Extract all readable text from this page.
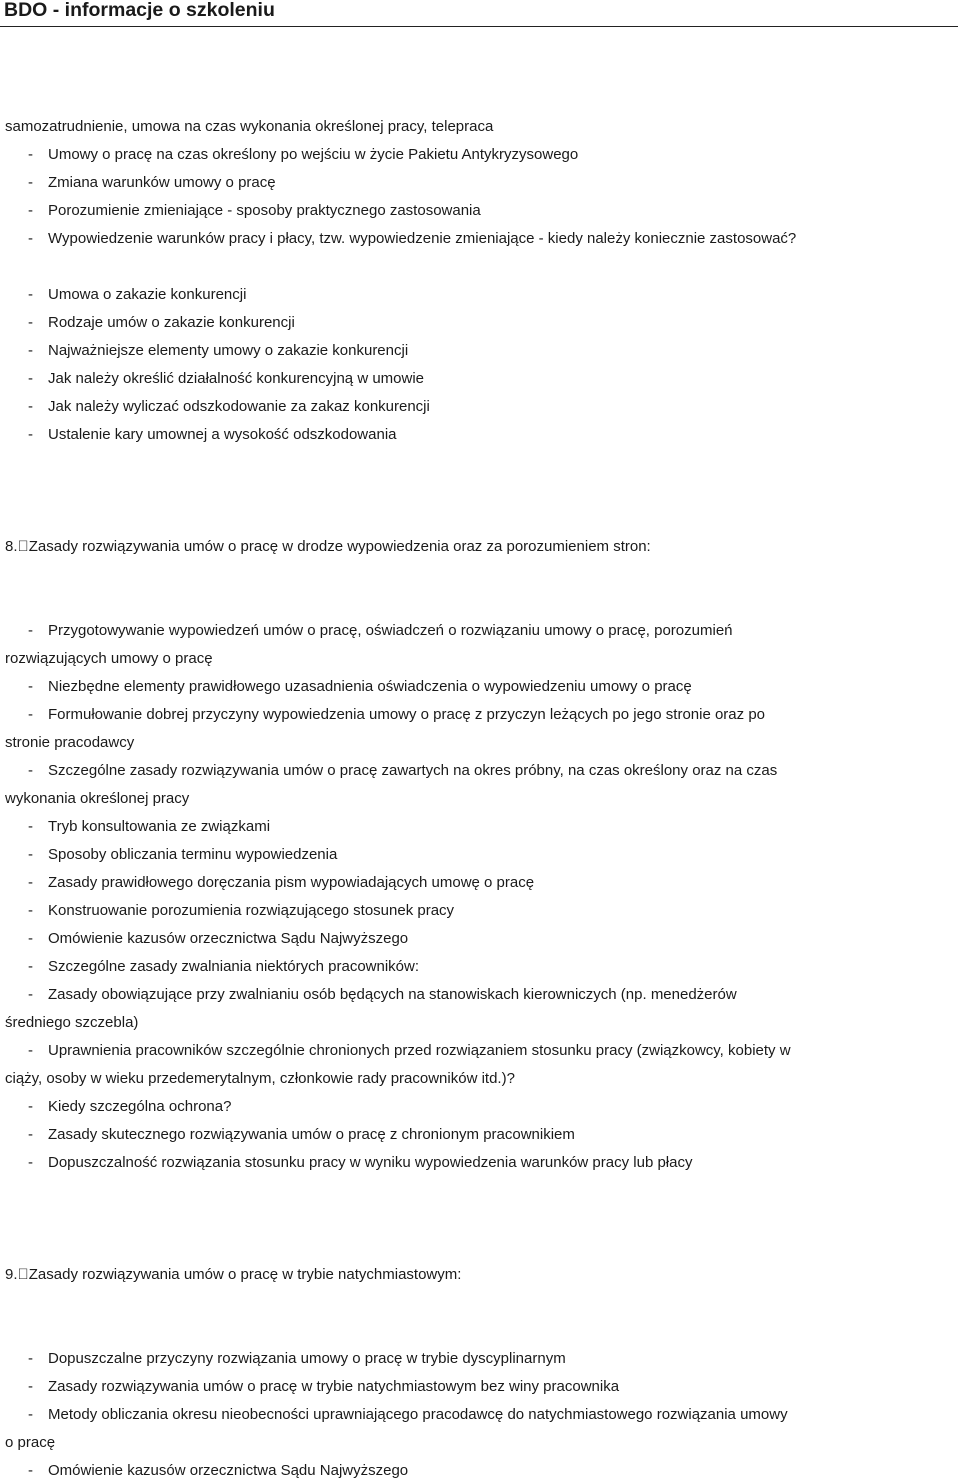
BDO - informacje o szkoleniu
samozatrudnienie, umowa na czas wykonania określonej pracy, telepraca
- Umowy o pracę na czas określony po wejściu w życie Pakietu Antykryzysowego
- Zmiana warunków umowy o pracę
- Porozumienie zmieniające - sposoby praktycznego zastosowania
- Wypowiedzenie warunków pracy i płacy, tzw. wypowiedzenie zmieniające - kiedy należy koniecznie zastosować?
- Umowa o zakazie konkurencji
- Rodzaje umów o zakazie konkurencji
- Najważniejsze elementy umowy o zakazie konkurencji
- Jak należy określić działalność konkurencyjną w umowie
- Jak należy wyliczać odszkodowanie za zakaz konkurencji
- Ustalenie kary umownej a wysokość odszkodowania
8. Zasady rozwiązywania umów o pracę w drodze wypowiedzenia oraz za porozumieniem stron:
- Przygotowywanie wypowiedzeń umów o pracę, oświadczeń o rozwiązaniu umowy o pracę, porozumień
rozwiązujących umowy o pracę
- Niezbędne elementy prawidłowego uzasadnienia oświadczenia o wypowiedzeniu umowy o pracę
- Formułowanie dobrej przyczyny wypowiedzenia umowy o pracę z przyczyn leżących po jego stronie oraz po
stronie pracodawcy
- Szczególne zasady rozwiązywania umów o pracę zawartych na okres próbny, na czas określony oraz na czas
wykonania określonej pracy
- Tryb konsultowania ze związkami
- Sposoby obliczania terminu wypowiedzenia
- Zasady prawidłowego doręczania pism wypowiadających umowę o pracę
- Konstruowanie porozumienia rozwiązującego stosunek pracy
- Omówienie kazusów orzecznictwa Sądu Najwyższego
- Szczególne zasady zwalniania niektórych pracowników:
- Zasady obowiązujące przy zwalnianiu osób będących na stanowiskach kierowniczych (np. menedżerów
średniego szczebla)
- Uprawnienia pracowników szczególnie chronionych przed rozwiązaniem stosunku pracy (związkowcy, kobiety w
ciąży, osoby w wieku przedemerytalnym, członkowie rady pracowników itd.)?
- Kiedy szczególna ochrona?
- Zasady skutecznego rozwiązywania umów o pracę z chronionym pracownikiem
- Dopuszczalność rozwiązania stosunku pracy w wyniku wypowiedzenia warunków pracy lub płacy
9. Zasady rozwiązywania umów o pracę w trybie natychmiastowym:
- Dopuszczalne przyczyny rozwiązania umowy o pracę w trybie dyscyplinarnym
- Zasady rozwiązywania umów o pracę w trybie natychmiastowym bez winy pracownika
- Metody obliczania okresu nieobecności uprawniającego pracodawcę do natychmiastowego rozwiązania umowy
o pracę
- Omówienie kazusów orzecznictwa Sądu Najwyższego
